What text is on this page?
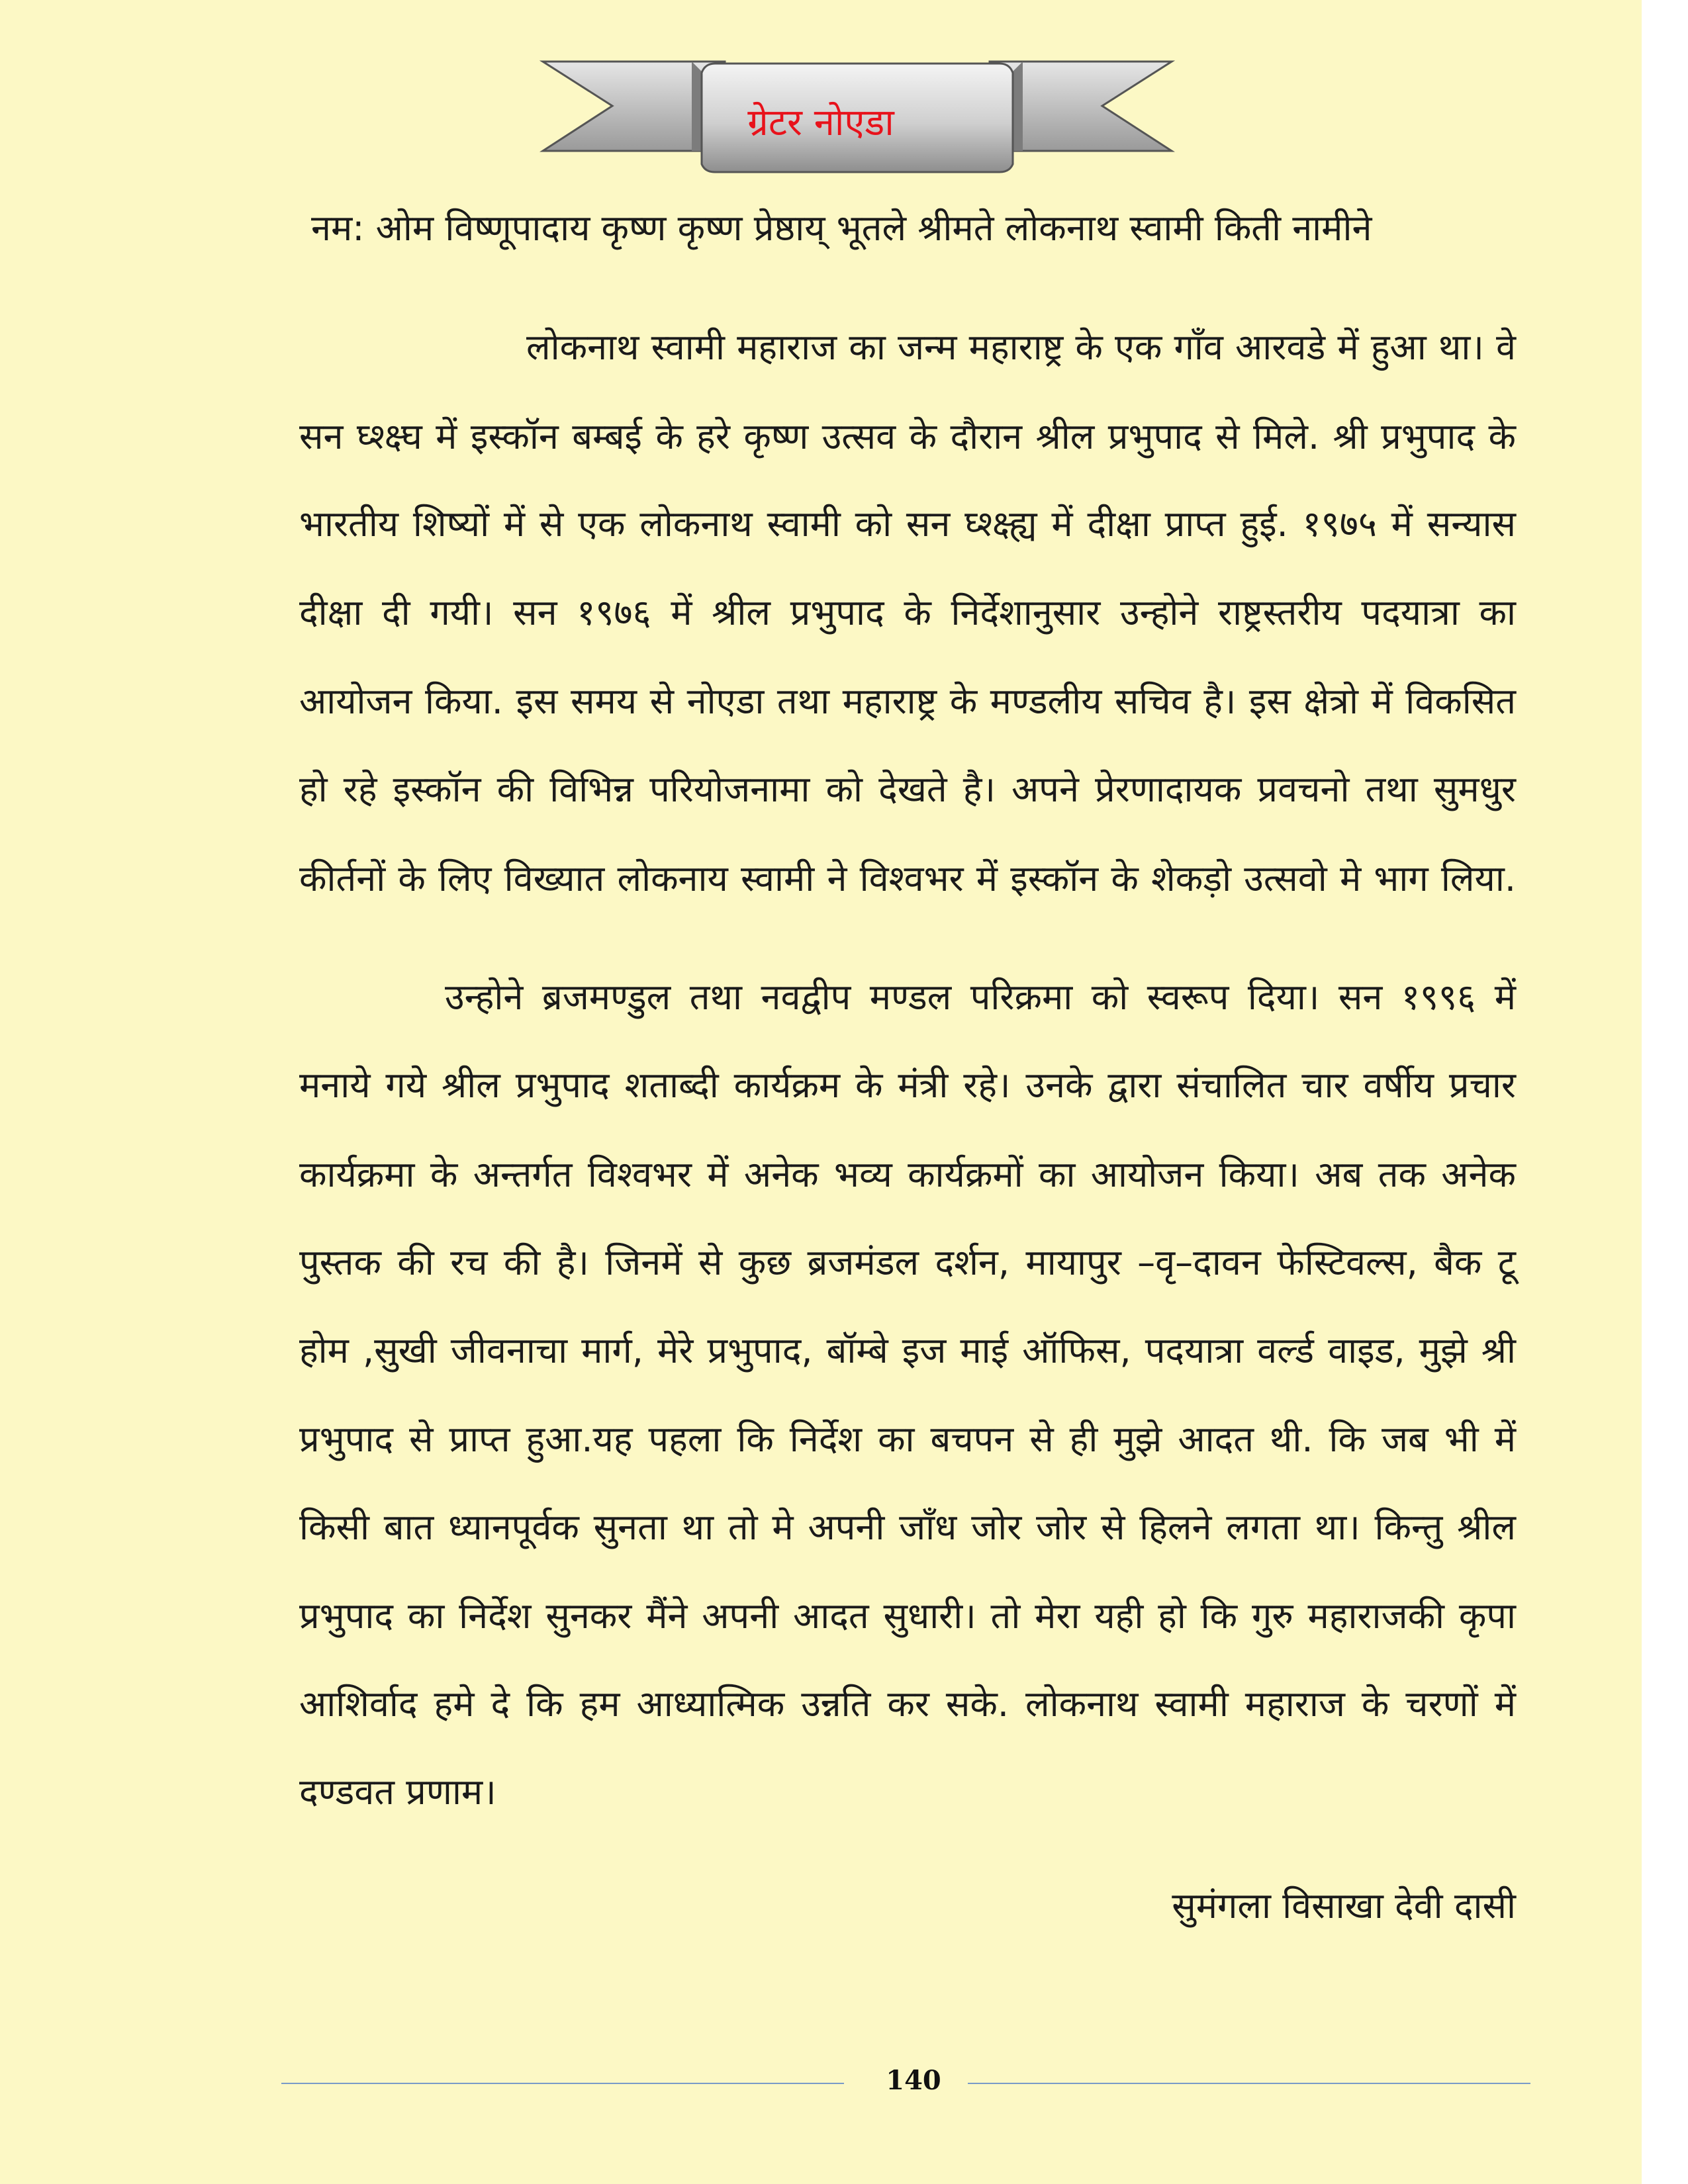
ग्रेटर नोएडा
नम: ओम विष्णूपादाय कृष्ण कृष्ण प्रेष्ठाय् भूतले श्रीमते लोकनाथ स्वामी किती नामीने
लोकनाथ स्वामी महाराज का जन्म महाराष्ट्र के एक गाँव आरवडे में हुआ था। वे
सन घ्श्क्ष्घ में इस्कॉन बम्बई के हरे कृष्ण उत्सव के दौरान श्रील प्रभुपाद से मिले. श्री प्रभुपाद के
भारतीय शिष्यों में से एक लोकनाथ स्वामी को सन घ्श्क्ष्ह्य में दीक्षा प्राप्त हुई. १९७५ में सन्यास
दीक्षा दी गयी। सन १९७६ में श्रील प्रभुपाद के निर्देशानुसार उन्होने राष्ट्रस्तरीय पदयात्रा का
आयोजन किया. इस समय से नोएडा तथा महाराष्ट्र के मण्डलीय सचिव है। इस क्षेत्रो में विकसित
हो रहे इस्कॉन की विभिन्न परियोजनामा को देखते है। अपने प्रेरणादायक प्रवचनो तथा सुमधुर
कीर्तनों के लिए विख्यात लोकनाय स्वामी ने विश्वभर में इस्कॉन के शेकड़ो उत्सवो मे भाग लिया.
उन्होने ब्रजमण्डुल तथा नवद्वीप मण्डल परिक्रमा को स्वरूप दिया। सन १९९६ में
मनाये गये श्रील प्रभुपाद शताब्दी कार्यक्रम के मंत्री रहे। उनके द्वारा संचालित चार वर्षीय प्रचार
कार्यक्रमा के अन्तर्गत विश्वभर में अनेक भव्य कार्यक्रमों का आयोजन किया। अब तक अनेक
पुस्तक की रच की है। जिनमें से कुछ ब्रजमंडल दर्शन, मायापुर –वृ–दावन फेस्टिवल्स, बैक टू
होम ,सुखी जीवनाचा मार्ग, मेरे प्रभुपाद, बॉम्बे इज माई ऑफिस, पदयात्रा वर्ल्ड वाइड, मुझे श्री
प्रभुपाद से प्राप्त हुआ.यह पहला कि निर्देश का बचपन से ही मुझे आदत थी. कि जब भी में
किसी बात ध्यानपूर्वक सुनता था तो मे अपनी जाँध जोर जोर से हिलने लगता था। किन्तु श्रील
प्रभुपाद का निर्देश सुनकर मैंने अपनी आदत सुधारी। तो मेरा यही हो कि गुरु महाराजकी कृपा
आशिर्वाद हमे दे कि हम आध्यात्मिक उन्नति कर सके. लोकनाथ स्वामी महाराज के चरणों में
दण्डवत प्रणाम।
सुमंगला विसाखा देवी दासी
140
